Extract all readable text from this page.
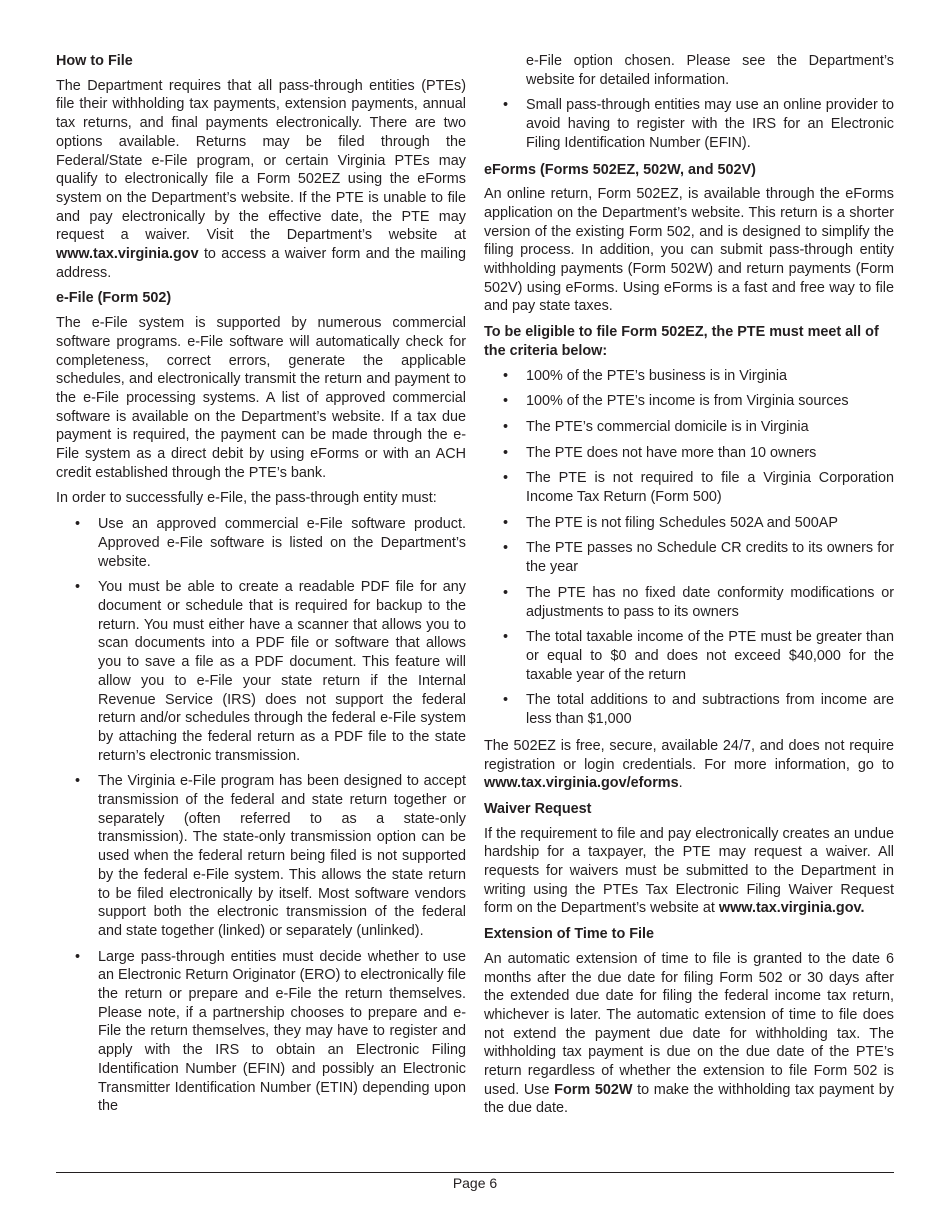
How to File

The Department requires that all pass-through entities (PTEs) file their withholding tax payments, extension payments, annual tax returns, and final payments electronically. There are two options available. Returns may be filed through the Federal/State e-File program, or certain Virginia PTEs may qualify to electronically file a Form 502EZ using the eForms system on the Department’s website. If the PTE is unable to file and pay electronically by the effective date, the PTE may request a waiver. Visit the Department’s website at www.tax.virginia.gov to access a waiver form and the mailing address.

e-File (Form 502)

The e-File system is supported by numerous commercial software programs. e-File software will automatically check for completeness, correct errors, generate the applicable schedules, and electronically transmit the return and payment to the e-File processing systems. A list of approved commercial software is available on the Department’s website. If a tax due payment is required, the payment can be made through the e-File system as a direct debit by using eForms or with an ACH credit established through the PTE’s bank.

In order to successfully e-File, the pass-through entity must:

• Use an approved commercial e-File software product. Approved e-File software is listed on the Department’s website.
• You must be able to create a readable PDF file for any document or schedule that is required for backup to the return. You must either have a scanner that allows you to scan documents into a PDF file or software that allows you to save a file as a PDF document. This feature will allow you to e-File your state return if the Internal Revenue Service (IRS) does not support the federal return and/or schedules through the federal e-File system by attaching the federal return as a PDF file to the state return’s electronic transmission.
• The Virginia e-File program has been designed to accept transmission of the federal and state return together or separately (often referred to as a state-only transmission). The state-only transmission option can be used when the federal return being filed is not supported by the federal e-File system. This allows the state return to be filed electronically by itself. Most software vendors support both the electronic transmission of the federal and state together (linked) or separately (unlinked).
• Large pass-through entities must decide whether to use an Electronic Return Originator (ERO) to electronically file the return or prepare and e-File the return themselves. Please note, if a partnership chooses to prepare and e-File the return themselves, they may have to register and apply with the IRS to obtain an Electronic Filing Identification Number (EFIN) and possibly an Electronic Transmitter Identification Number (ETIN) depending upon the
e-File option chosen. Please see the Department’s website for detailed information.
• Small pass-through entities may use an online provider to avoid having to register with the IRS for an Electronic Filing Identification Number (EFIN).
eForms (Forms 502EZ, 502W, and 502V)

An online return, Form 502EZ, is available through the eForms application on the Department’s website. This return is a shorter version of the existing Form 502, and is designed to simplify the filing process. In addition, you can submit pass-through entity withholding payments (Form 502W) and return payments (Form 502V) using eForms. Using eForms is a fast and free way to file and pay state taxes.

To be eligible to file Form 502EZ, the PTE must meet all of the criteria below:
• 100% of the PTE’s business is in Virginia
• 100% of the PTE’s income is from Virginia sources
• The PTE’s commercial domicile is in Virginia
• The PTE does not have more than 10 owners
• The PTE is not required to file a Virginia Corporation Income Tax Return (Form 500)
• The PTE is not filing Schedules 502A and 500AP
• The PTE passes no Schedule CR credits to its owners for the year
• The PTE has no fixed date conformity modifications or adjustments to pass to its owners
• The total taxable income of the PTE must be greater than or equal to $0 and does not exceed $40,000 for the taxable year of the return
• The total additions to and subtractions from income are less than $1,000

The 502EZ is free, secure, available 24/7, and does not require registration or login credentials. For more information, go to www.tax.virginia.gov/eforms.

Waiver Request

If the requirement to file and pay electronically creates an undue hardship for a taxpayer, the PTE may request a waiver. All requests for waivers must be submitted to the Department in writing using the PTEs Tax Electronic Filing Waiver Request form on the Department’s website at www.tax.virginia.gov.

Extension of Time to File

An automatic extension of time to file is granted to the date 6 months after the due date for filing Form 502 or 30 days after the extended due date for filing the federal income tax return, whichever is later. The automatic extension of time to file does not extend the payment due date for withholding tax. The withholding tax payment is due on the due date of the PTE’s return regardless of whether the extension to file Form 502 is used. Use Form 502W to make the withholding tax payment by the due date.

Page 6
